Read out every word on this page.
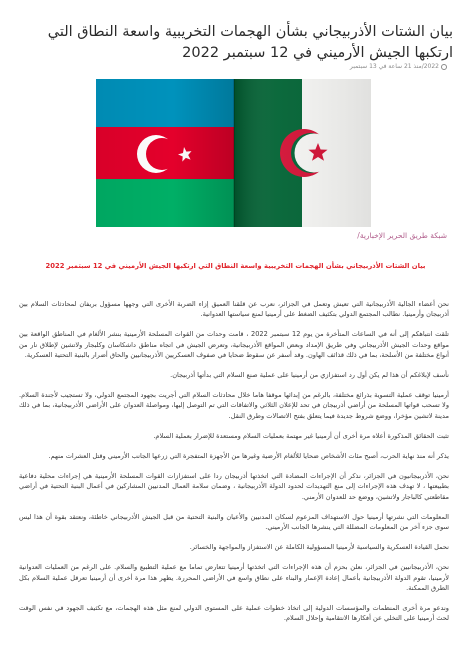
بيان الشتات الأذربيجاني بشأن الهجمات التخريبية واسعة النطاق التي ارتكبها الجيش الأرميني في 12 سبتمبر 2022
2022/منذ 21 ساعة في 13 سبتمبر
شبكة طريق الحرير الإخبارية/

بيان الشتات الأذربيجاني بشأن الهجمات التخريبية واسعة النطاق التي ارتكبها الجيش الأرميني في 12 سبتمبر 2022

نحن أعضاء الجالية الأذربيجانية التي تعيش وتعمل في الجزائر، نعرب عن قلقنا العميق إزاء الضربة الأخرى التي وجهها مسؤول بريفان لمحادثات السلام بين أذربيجان وأرمينيا. نطالب المجتمع الدولي بتكثيف الضغط على أرمينيا لمنع سياستها العدوانية.

تلقت انتباهكم إلى أنه في الساعات المتأخرة من يوم 12 سبتمبر 2022 ، قامت وحدات من القوات المسلحة الأرمينية بنشر الألغام في المناطق الواقعة بين مواقع وحدات الجيش الأذربيجاني وفي طريق الإمداد وبعض المواقع الأذربيجانية، وتعرض الجيش في اتجاه مناطق داشكاسان وكلبجار ولاتشين لإطلاق نار من أنواع مختلفة من الأسلحة، بما في ذلك قذائف الهاون. وقد أسفر عن سقوط ضحايا في صفوف العسكريين الأذربيجانيين والحاق أضرار بالبنية التحتية العسكرية.

نأسف لإبلاغكم أن هذا لم يكن أول رد استفزازي من أرمينيا على عملية صنع السلام التي بدأتها أذربيجان.

أرمينيا توقف عملية التسوية بذرائع مختلفة، بالرغم من إبدائها موقفا هاما خلال محادثات السلام التي أجريت بجهود المجتمع الدولي، ولا تستجيب لأجندة السلام. ولا تسحب قواتها المسلحة من أراضي أذربيجان في تحد للإعلان الثلاثي والاتفاقات التي تم التوصل إليها، ومواصلة العدوان على الأراضي الأذربيجانية، بما في ذلك مدينة لاتشين مؤخرا، ووضع شروط جديدة فيما يتعلق بفتح الاتصالات وطرق النقل.

تثبت الحقائق المذكورة أعلاه مرة أخرى أن أرمينيا غير مهتمة بعمليات السلام ومستعدة للإضرار بعملية السلام.

يذكر أنه منذ نهاية الحرب، أصبح مئات الأشخاص ضحايا للألغام الأرضية وغيرها من الأجهزة المتفجرة التي زرعها الجانب الأرميني وقتل العشرات منهم.

نحن، الأذربيجانيون في الجزائر، نذكر أن الإجراءات المضادة التي اتخذتها أذربيجان ردا على استفزازات القوات المسلحة الأرمينية هي إجراءات محلية دفاعية بطبيعتها ، لا تهدف هذه الإجراءات إلى منع التهديدات لحدود الدولة الأذربيجانية ، وضمان سلامة العمال المدنيين المشاركين في أعمال البنية التحتية في أراضي مقاطعتي كالباجار ولاتشين، ووضع حد للعدوان الأرمني.

المعلومات التي نشرتها أرمينيا حول الاستهداف المزعوم لسكان المدنيين والأعيان والبنية التحتية من قبل الجيش الأذربيجاني خاطئة، ونعتقد بقوة أن هذا ليس سوى جزء آخر من المعلومات المضللة التي ينشرها الجانب الأرميني.

نحمل القيادة العسكرية والسياسية لأرمينيا المسؤولية الكاملة عن الاستفزاز والمواجهة والخسائر.

نحن، الأذربيجانيين في الجزائر، نعلن بحزم أن هذه الإجراءات التي اتخذتها أرمينيا تتعارض تماما مع عملية التطبيع والسلام. على الرغم من العمليات العدوانية لأرمينيا، تقوم الدولة الأذربيجانية بأعمال إعادة الإعمار والبناء على نطاق واسع في الأراضي المحررة. يظهر هذا مرة أخرى أن أرمينيا تعرقل عملية السلام بكل الطرق الممكنة.

وندعو مرة أخرى المنظمات والمؤسسات الدولية إلى اتخاذ خطوات عملية على المستوى الدولي لمنع مثل هذه الهجمات، مع تكثيف الجهود في نفس الوقت لحث أرمينيا على التخلي عن أفكارها الانتقامية وإحلال السلام.
